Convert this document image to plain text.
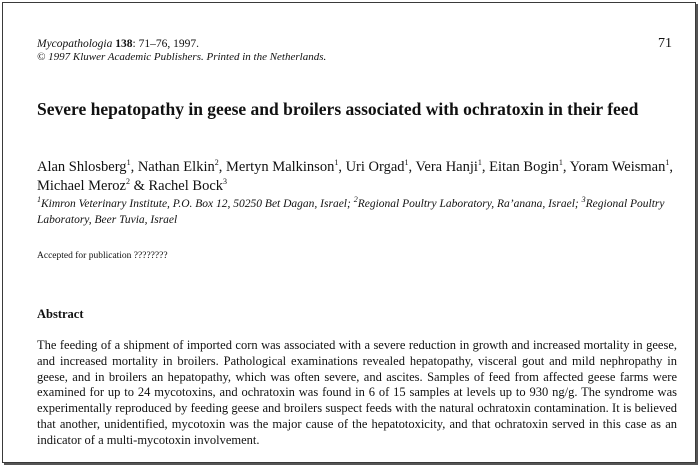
Mycopathologia 138: 71–76, 1997.
© 1997 Kluwer Academic Publishers. Printed in the Netherlands.
71
Severe hepatopathy in geese and broilers associated with ochratoxin in their feed
Alan Shlosberg$^1$, Nathan Elkin$^2$, Mertyn Malkinson$^1$, Uri Orgad$^1$, Vera Hanji$^1$, Eitan Bogin$^1$, Yoram Weisman$^1$, Michael Meroz$^2$ & Rachel Bock$^3$
$^1$Kimron Veterinary Institute, P.O. Box 12, 50250 Bet Dagan, Israel; $^2$Regional Poultry Laboratory, Ra’anana, Israel; $^3$Regional Poultry Laboratory, Beer Tuvia, Israel
Accepted for publication ????????
Abstract
The feeding of a shipment of imported corn was associated with a severe reduction in growth and increased mortality in geese, and increased mortality in broilers. Pathological examinations revealed hepatopathy, visceral gout and mild nephropathy in geese, and in broilers an hepatopathy, which was often severe, and ascites. Samples of feed from affected geese farms were examined for up to 24 mycotoxins, and ochratoxin was found in 6 of 15 samples at levels up to 930 ng/g. The syndrome was experimentally reproduced by feeding geese and broilers suspect feeds with the natural ochratoxin contamination. It is believed that another, unidentified, mycotoxin was the major cause of the hepatotoxicity, and that ochratoxin served in this case as an indicator of a multi-mycotoxin involvement.
